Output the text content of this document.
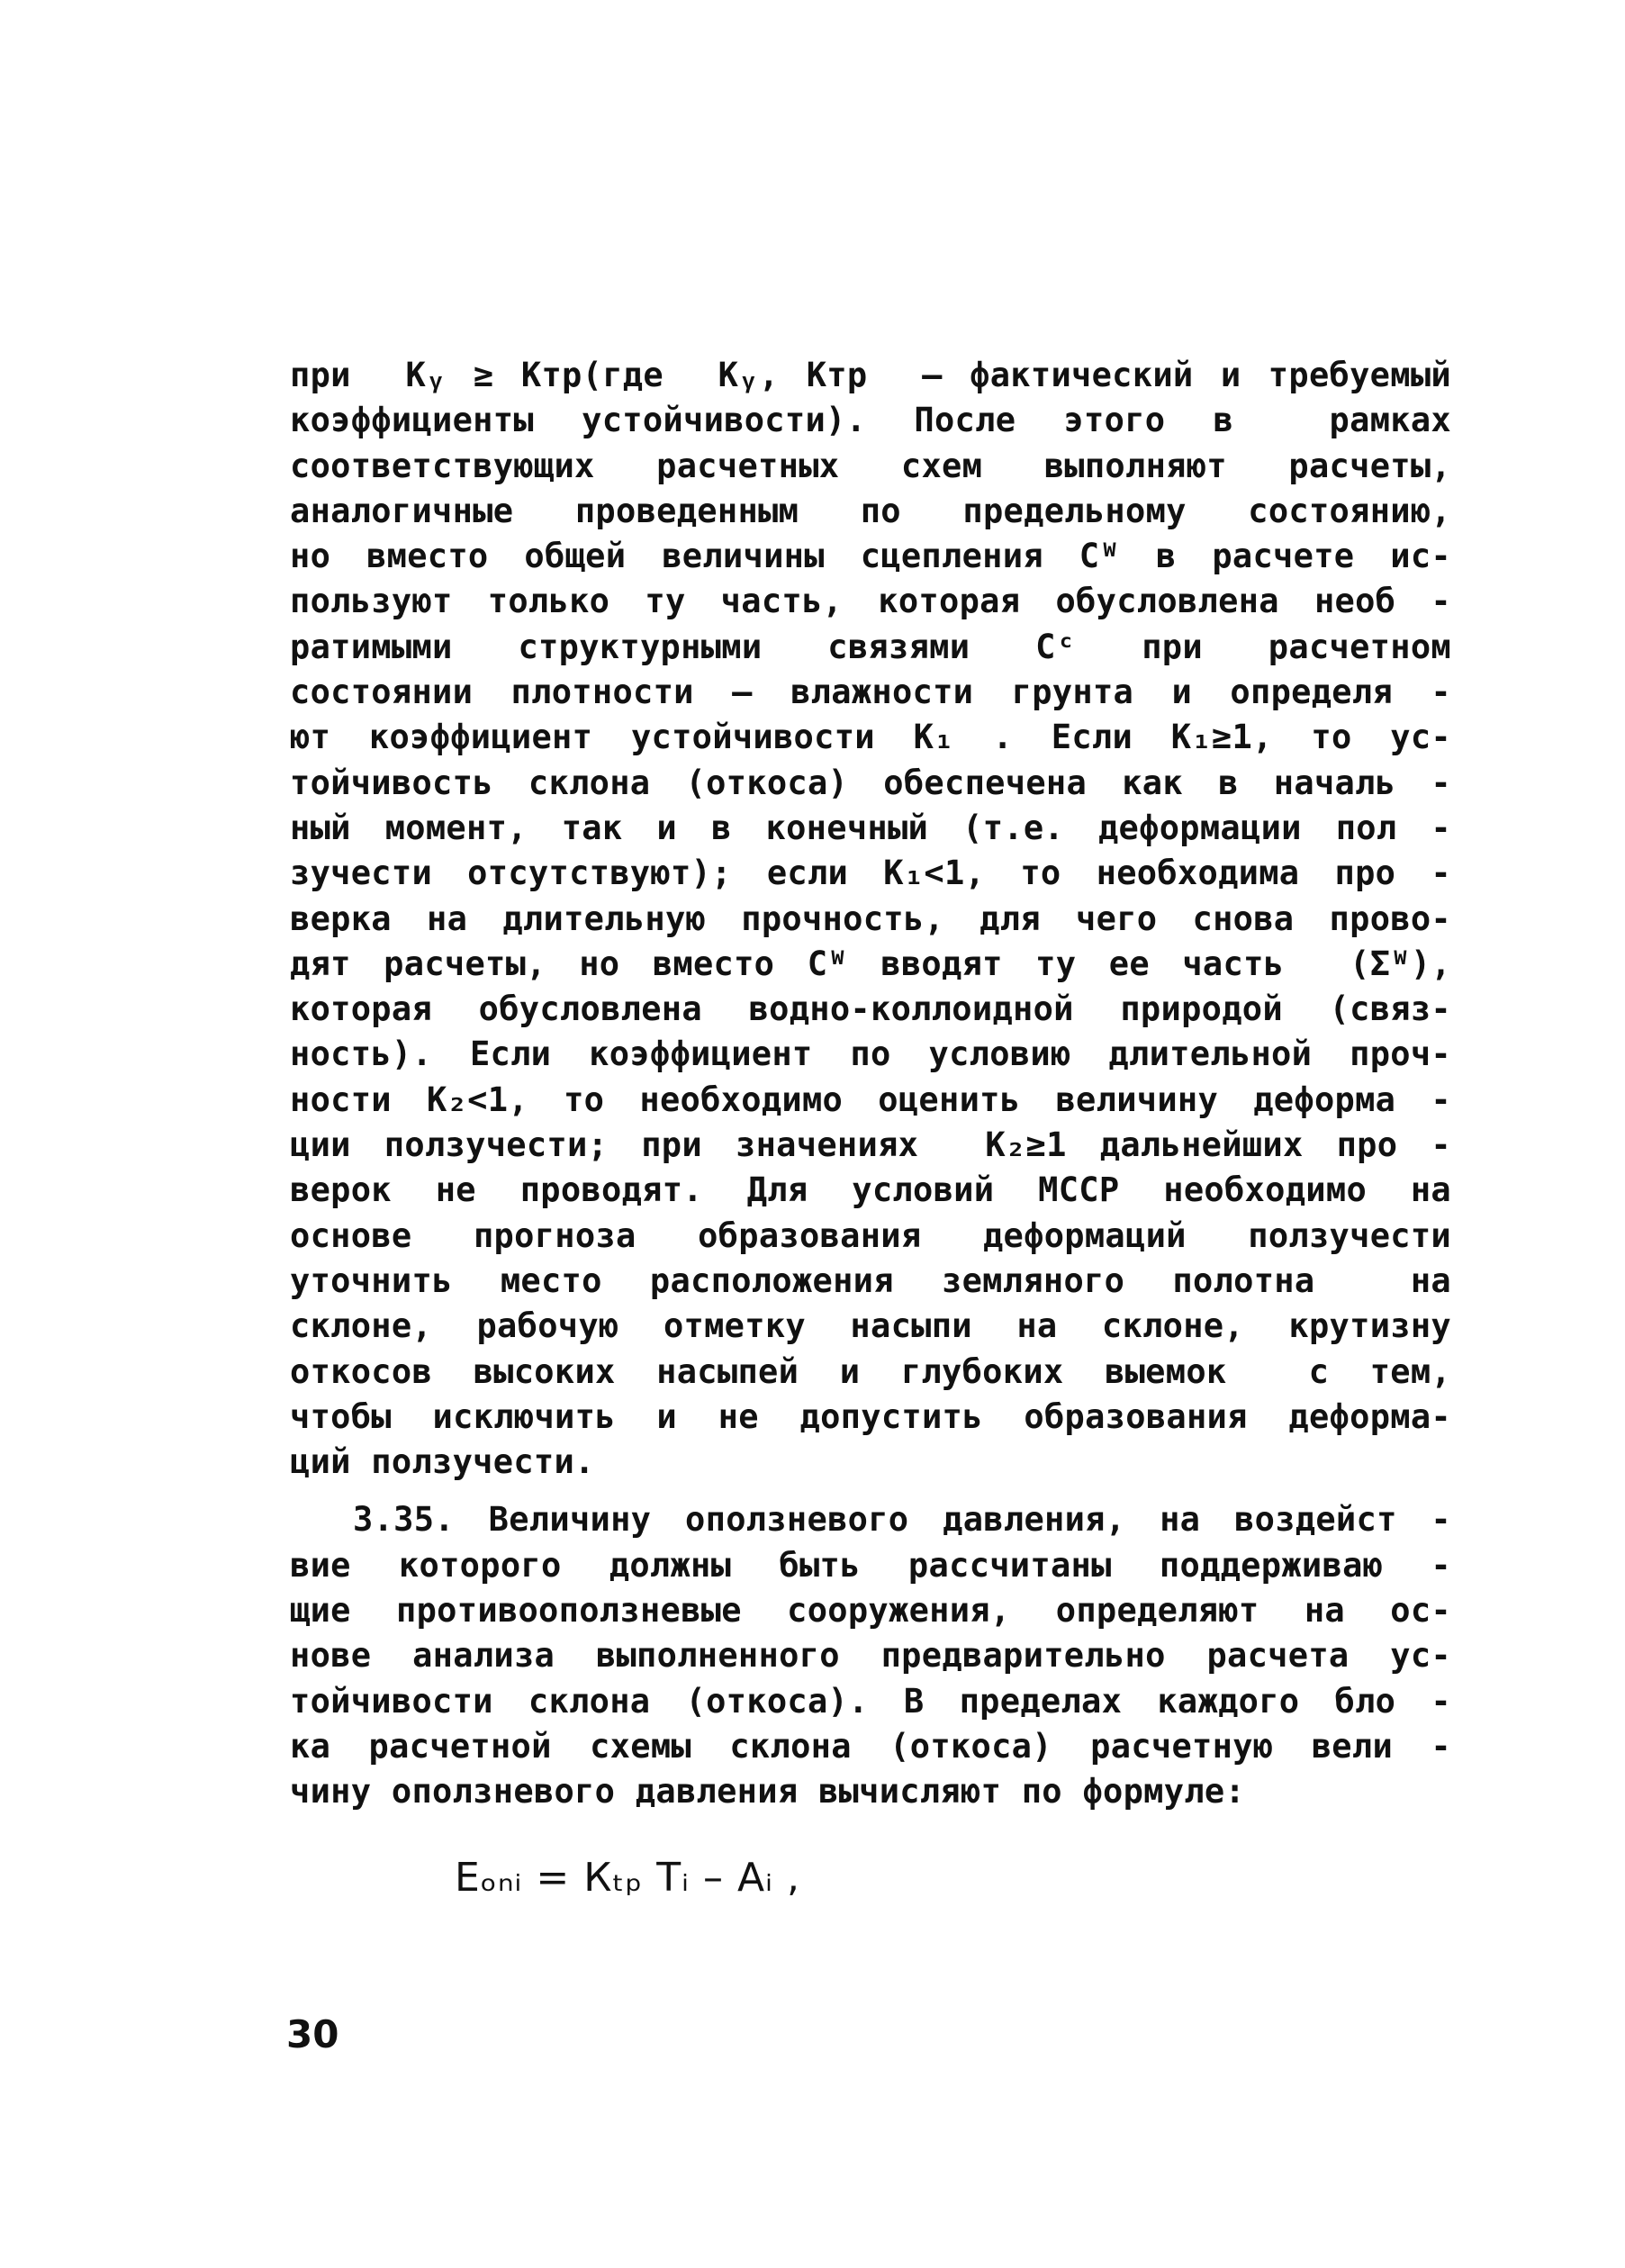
при  Кᵧ ≥ Ктр(где  Кᵧ, Ктр  – фактический и требуемый
коэффициенты устойчивости). После этого в  рамках
соответствующих расчетных схем выполняют расчеты,
аналогичные проведенным по предельному состоянию,
но вместо общей величины сцепления Cᵂ в расчете ис-
пользуют только ту часть, которая обусловлена необ -
ратимыми структурными связями Cᶜ при расчетном
состоянии плотности – влажности грунта и определя -
ют коэффициент устойчивости К₁ . Если К₁≥1, то ус-
тойчивость склона (откоса) обеспечена как в началь -
ный момент, так и в конечный (т.е. деформации пол -
зучести отсутствуют); если К₁<1, то необходима про -
верка на длительную прочность, для чего снова прово-
дят расчеты, но вместо Cᵂ вводят ту ее часть  (Σᵂ),
которая обусловлена водно-коллоидной природой (связ-
ность). Если коэффициент по условию длительной проч-
ности К₂<1, то необходимо оценить величину деформа -
ции ползучести; при значениях  К₂≥1 дальнейших про -
верок не проводят. Для условий МССР необходимо на
основе прогноза образования деформаций ползучести
уточнить место расположения земляного полотна  на
склоне, рабочую отметку насыпи на склоне, крутизну
откосов высоких насыпей и глубоких выемок  с тем,
чтобы исключить и не допустить образования деформа-
ций ползучести.
3.35. Величину оползневого давления, на воздейст -
вие которого должны быть рассчитаны поддерживаю -
щие противооползневые сооружения, определяют на ос-
нове анализа выполненного предварительно расчета ус-
тойчивости склона (откоса). В пределах каждого бло -
ка расчетной схемы склона (откоса) расчетную вели -
чину оползневого давления вычисляют по формуле:
Eₒₙᵢ = Кₜₚ Tᵢ – Aᵢ ,
30
